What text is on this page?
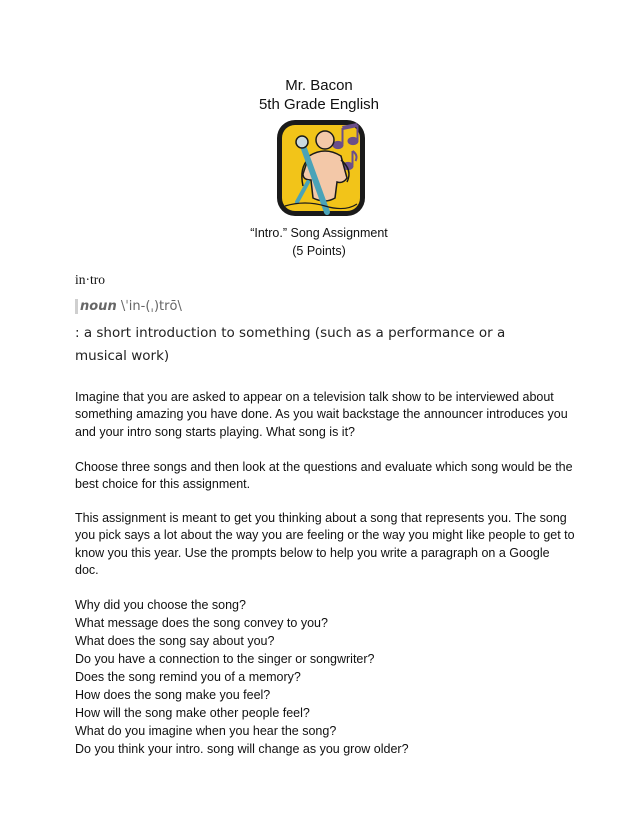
Mr. Bacon
5th Grade English
“Intro.” Song Assignment
(5 Points)
in·tro
noun \ˈin-(ˌ)trō\
: a short introduction to something (such as a performance or a musical work)
Imagine that you are asked to appear on a television talk show to be interviewed about something amazing you have done. As you wait backstage the announcer introduces you and your intro song starts playing. What song is it?
Choose three songs and then look at the questions and evaluate which song would be the best choice for this assignment.
This assignment is meant to get you thinking about a song that represents you. The song you pick says a lot about the way you are feeling or the way you might like people to get to know you this year. Use the prompts below to help you write a paragraph on a Google doc.
Why did you choose the song?
What message does the song convey to you?
What does the song say about you?
Do you have a connection to the singer or songwriter?
Does the song remind you of a memory?
How does the song make you feel?
How will the song make other people feel?
What do you imagine when you hear the song?
Do you think your intro. song will change as you grow older?
